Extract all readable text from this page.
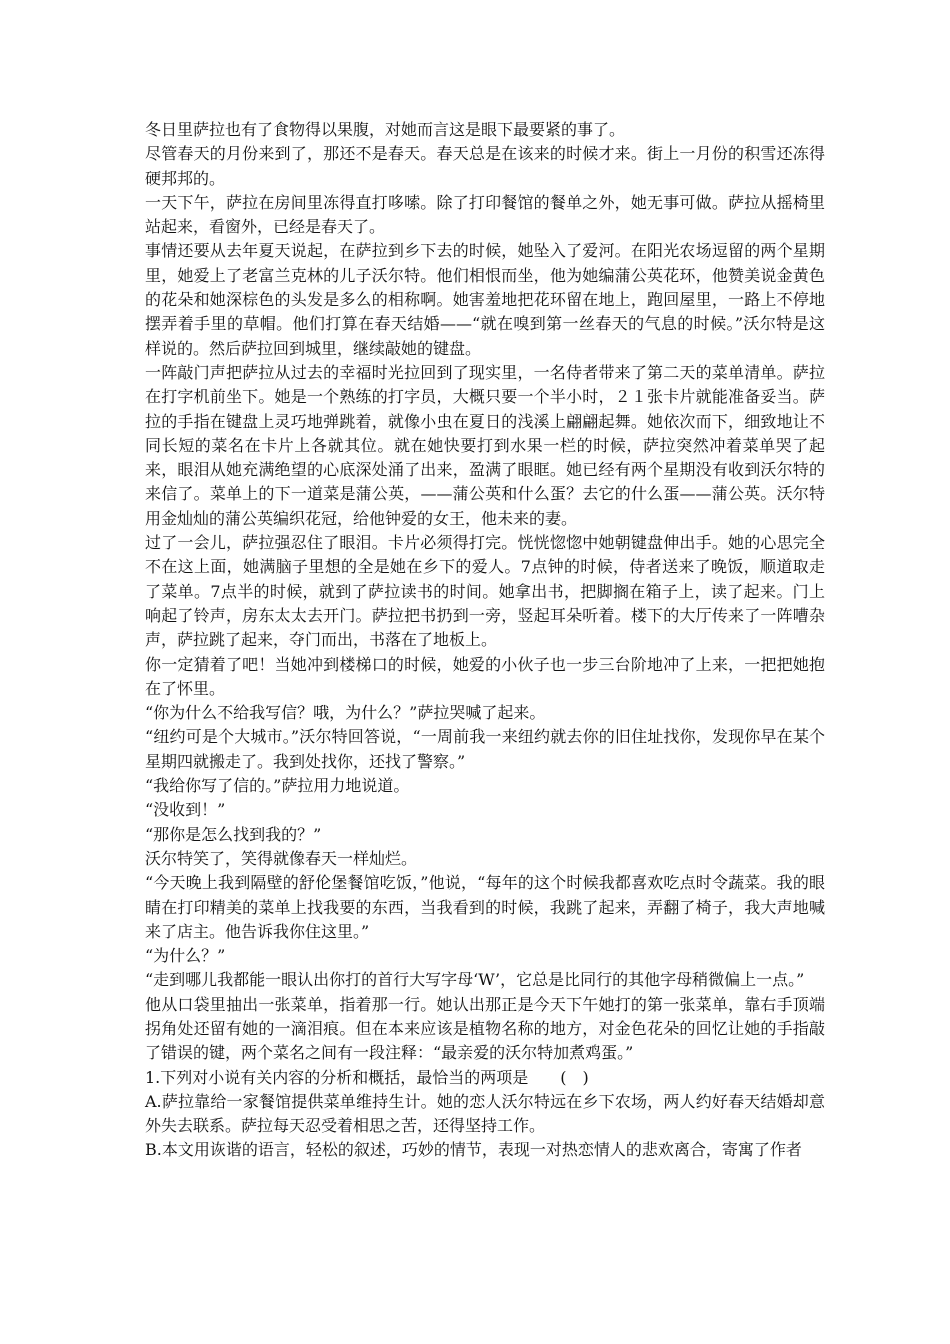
冬日里萨拉也有了食物得以果腹，对她而言这是眼下最要紧的事了。

尽管春天的月份来到了，那还不是春天。春天总是在该来的时候才来。街上一月份的积雪还冻得硬邦邦的。

一天下午，萨拉在房间里冻得直打哆嗦。除了打印餐馆的餐单之外，她无事可做。萨拉从摇椅里站起来，看窗外，已经是春天了。

事情还要从去年夏天说起，在萨拉到乡下去的时候，她坠入了爱河。在阳光农场逗留的两个星期里，她爱上了老富兰克林的儿子沃尔特。他们相恨而坐，他为她编蒲公英花环，他赞美说金黄色的花朵和她深棕色的头发是多么的相称啊。她害羞地把花环留在地上，跑回屋里，一路上不停地摆弄着手里的草帽。他们打算在春天结婚——“就在嗅到第一丝春天的气息的时候。”沃尔特是这样说的。然后萨拉回到城里，继续敲她的键盘。

一阵敲门声把萨拉从过去的幸福时光拉回到了现实里，一名侍者带来了第二天的菜单清单。萨拉在打字机前坐下。她是一个熟练的打字员，大概只要一个半小时，２１张卡片就能准备妥当。萨拉的手指在键盘上灵巧地弹跳着，就像小虫在夏日的浅溪上翩翩起舞。她依次而下，细致地让不同长短的菜名在卡片上各就其位。就在她快要打到水果一栏的时候，萨拉突然冲着菜单哭了起来，眼泪从她充满绝望的心底深处涌了出来，盈满了眼眶。她已经有两个星期没有收到沃尔特的来信了。菜单上的下一道菜是蒲公英，——蒲公英和什么蛋？去它的什么蛋——蒲公英。沃尔特用金灿灿的蒲公英编织花冠，给他钟爱的女王，他未来的妻。

过了一会儿，萨拉强忍住了眼泪。卡片必须得打完。恍恍惚惚中她朝键盘伸出手。她的心思完全不在这上面，她满脑子里想的全是她在乡下的爱人。7点钟的时候，侍者送来了晚饭，顺道取走了菜单。7点半的时候，就到了萨拉读书的时间。她拿出书，把脚搁在箱子上，读了起来。门上响起了铃声，房东太太去开门。萨拉把书扔到一旁，竖起耳朵听着。楼下的大厅传来了一阵嘈杂声，萨拉跳了起来，夺门而出，书落在了地板上。

你一定猜着了吧！当她冲到楼梯口的时候，她爱的小伙子也一步三台阶地冲了上来，一把把她抱在了怀里。

“你为什么不给我写信？哦，为什么？”萨拉哭喊了起来。

“纽约可是个大城市。”沃尔特回答说，“一周前我一来纽约就去你的旧住址找你，发现你早在某个星期四就搬走了。我到处找你，还找了警察。”

“我给你写了信的。”萨拉用力地说道。

“没收到！”

“那你是怎么找到我的？”

沃尔特笑了，笑得就像春天一样灿烂。

“今天晚上我到隔壁的舒伦堡餐馆吃饭，”他说，“每年的这个时候我都喜欢吃点时令蔬菜。我的眼睛在打印精美的菜单上找我要的东西，当我看到的时候，我跳了起来，弄翻了椅子，我大声地喊来了店主。他告诉我你住这里。”

“为什么？”

“走到哪儿我都能一眼认出你打的首行大写字母‘W’，它总是比同行的其他字母稍微偏上一点。”

他从口袋里抽出一张菜单，指着那一行。她认出那正是今天下午她打的第一张菜单，靠右手顶端拐角处还留有她的一滴泪痕。但在本来应该是植物名称的地方，对金色花朵的回忆让她的手指敲了错误的键，两个菜名之间有一段注释：“最亲爱的沃尔特加煮鸡蛋。”

1.下列对小说有关内容的分析和概括，最恰当的两项是　　(　)

A.萨拉靠给一家餐馆提供菜单维持生计。她的恋人沃尔特远在乡下农场，两人约好春天结婚却意外失去联系。萨拉每天忍受着相思之苦，还得坚持工作。

B.本文用诙谐的语言，轻松的叙述，巧妙的情节，表现一对热恋情人的悲欢离合，寄寓了作者
